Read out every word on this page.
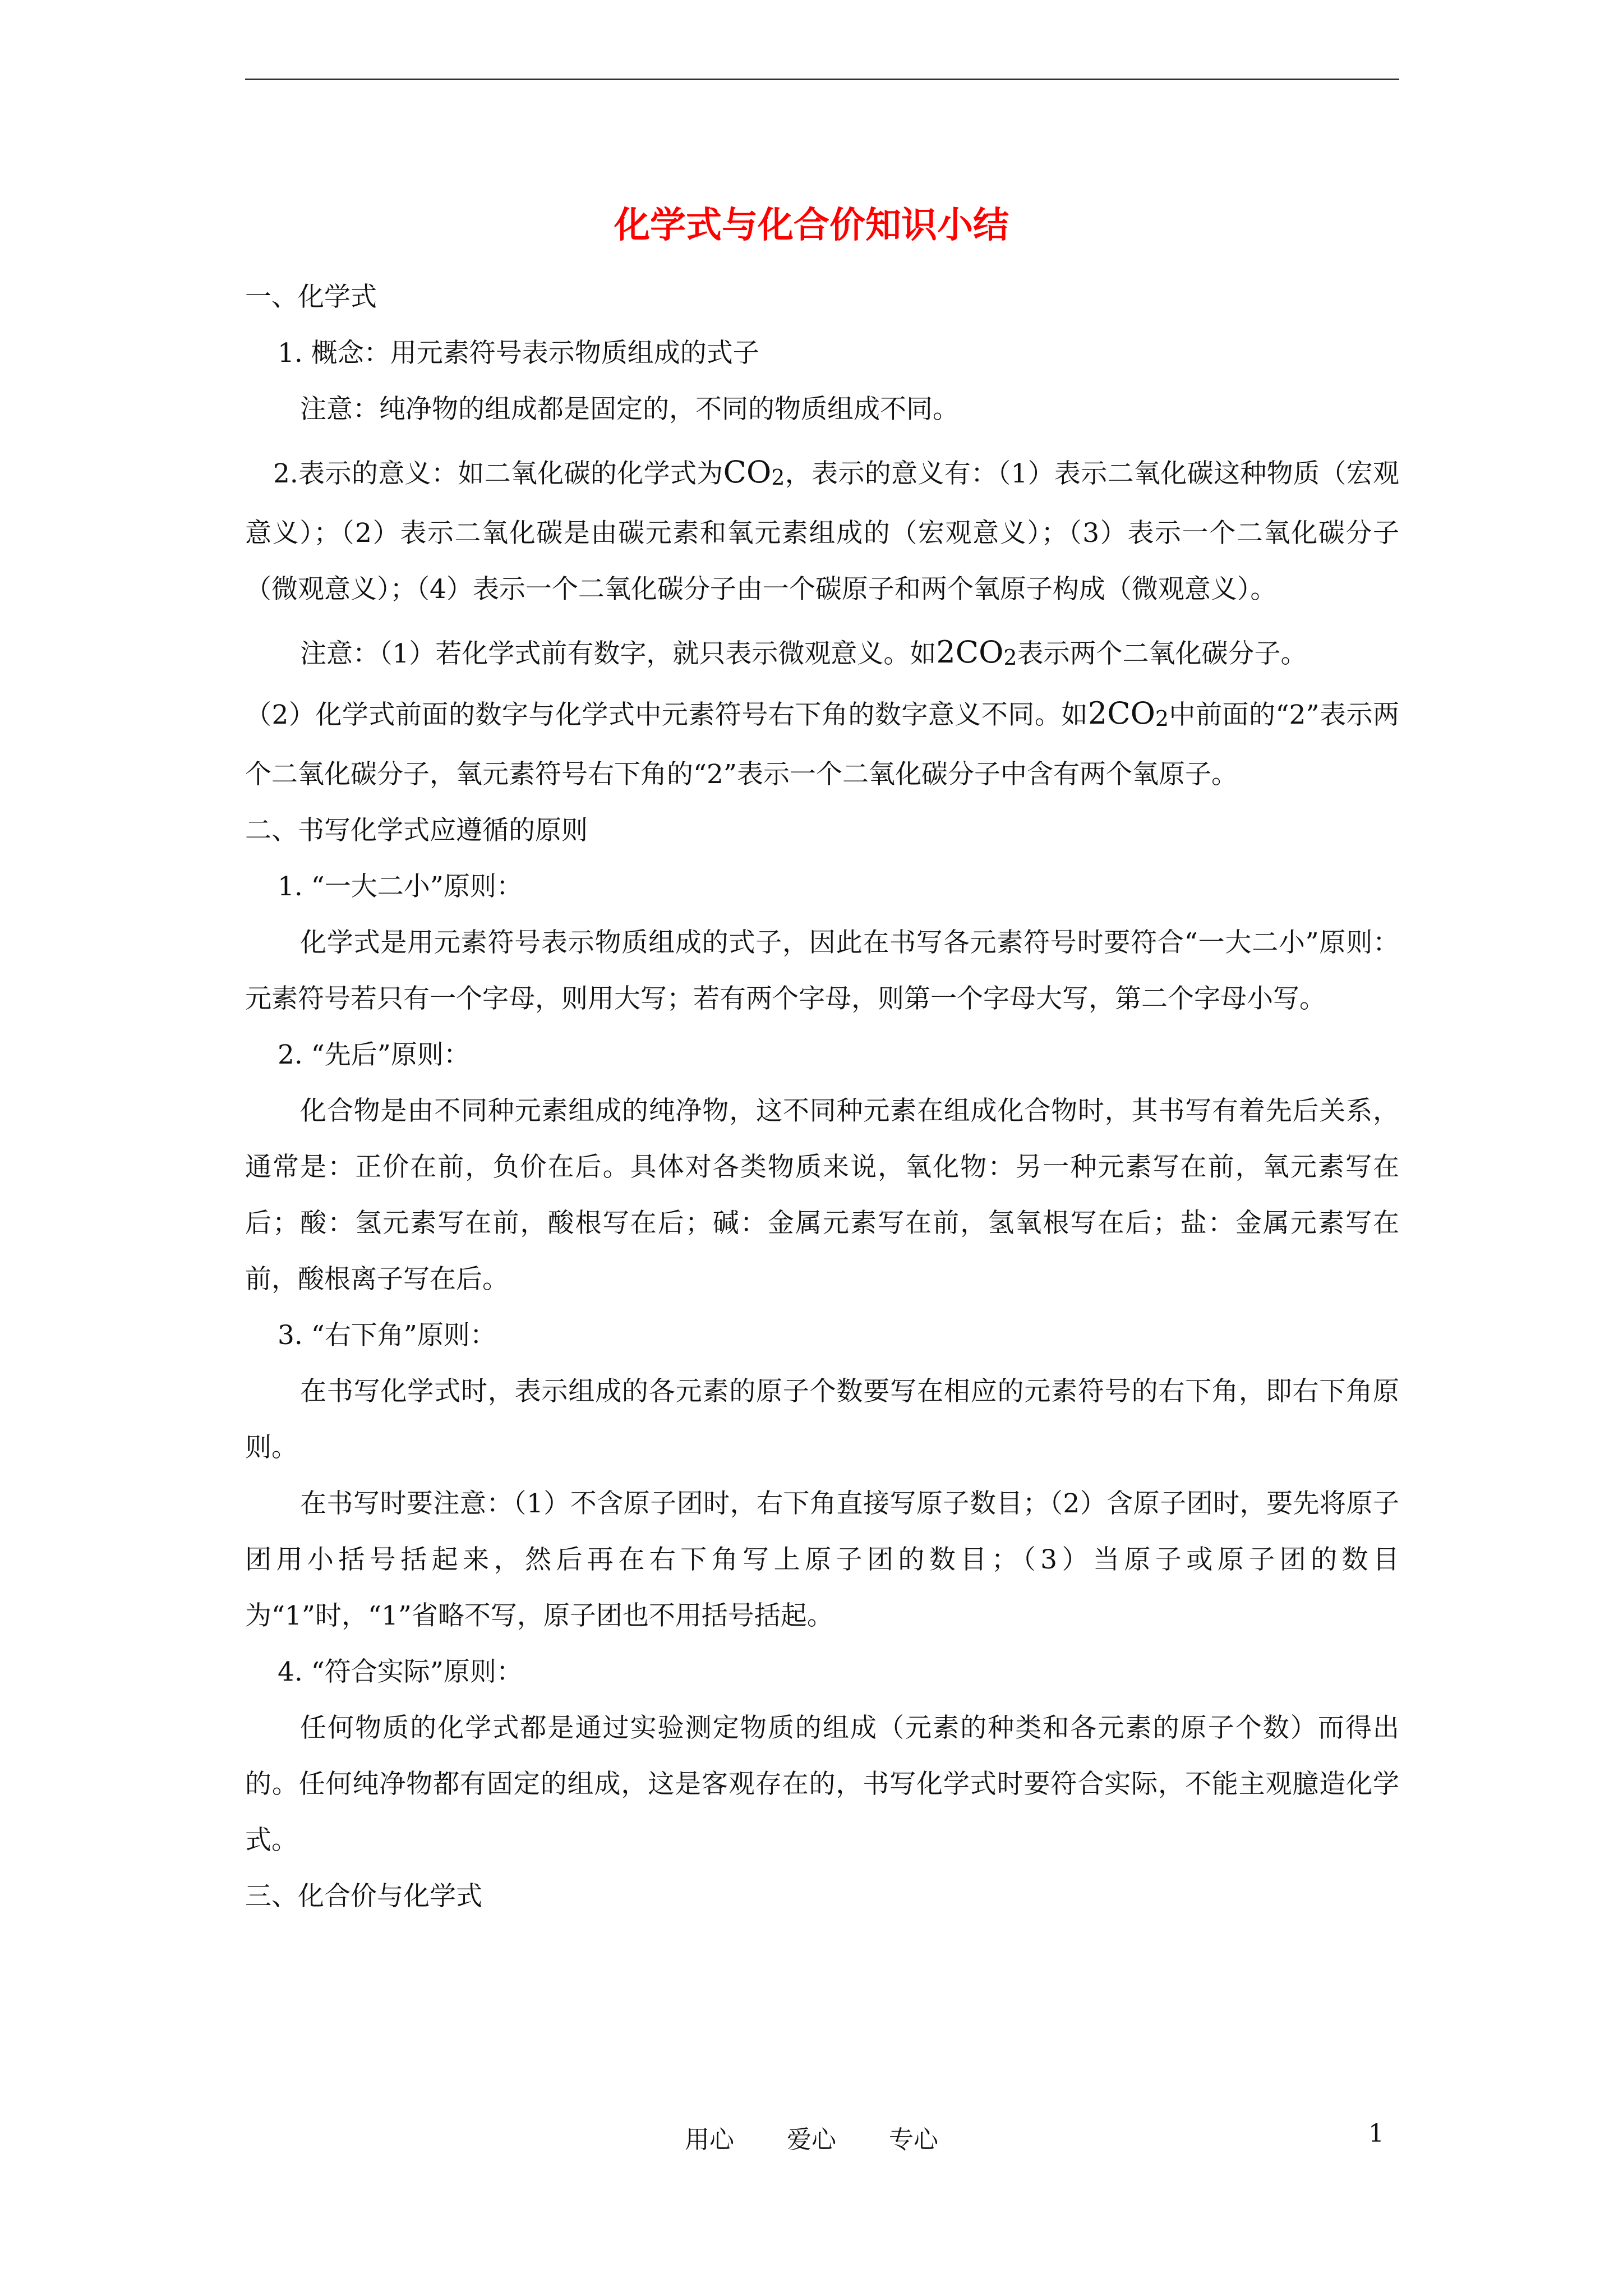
化学式与化合价知识小结

一、化学式

1. 概念：用元素符号表示物质组成的式子

注意：纯净物的组成都是固定的，不同的物质组成不同。

2.表示的意义：如二氧化碳的化学式为$CO_2$，表示的意义有：（1）表示二氧化碳这种物质（宏观意义）；（2）表示二氧化碳是由碳元素和氧元素组成的（宏观意义）；（3）表示一个二氧化碳分子（微观意义）；（4）表示一个二氧化碳分子由一个碳原子和两个氧原子构成（微观意义）。

注意：（1）若化学式前有数字，就只表示微观意义。如$2CO_2$表示两个二氧化碳分子。

（2）化学式前面的数字与化学式中元素符号右下角的数字意义不同。如$2CO_2$中前面的“2”表示两个二氧化碳分子，氧元素符号右下角的“2”表示一个二氧化碳分子中含有两个氧原子。

二、书写化学式应遵循的原则

1. “一大二小”原则：

化学式是用元素符号表示物质组成的式子，因此在书写各元素符号时要符合“一大二小”原则：元素符号若只有一个字母，则用大写；若有两个字母，则第一个字母大写，第二个字母小写。

2. “先后”原则：

化合物是由不同种元素组成的纯净物，这不同种元素在组成化合物时，其书写有着先后关系，通常是：正价在前，负价在后。具体对各类物质来说，氧化物：另一种元素写在前，氧元素写在后；酸：氢元素写在前，酸根写在后；碱：金属元素写在前，氢氧根写在后；盐：金属元素写在前，酸根离子写在后。

3. “右下角”原则：

在书写化学式时，表示组成的各元素的原子个数要写在相应的元素符号的右下角，即右下角原则。

在书写时要注意：（1）不含原子团时，右下角直接写原子数目；（2）含原子团时，要先将原子团用小括号括起来，然后再在右下角写上原子团的数目；（3）当原子或原子团的数目为“1”时，“1”省略不写，原子团也不用括号括起。

4. “符合实际”原则：

任何物质的化学式都是通过实验测定物质的组成（元素的种类和各元素的原子个数）而得出的。任何纯净物都有固定的组成，这是客观存在的，书写化学式时要符合实际，不能主观臆造化学式。

三、化合价与化学式

用心 爱心 专心	1
